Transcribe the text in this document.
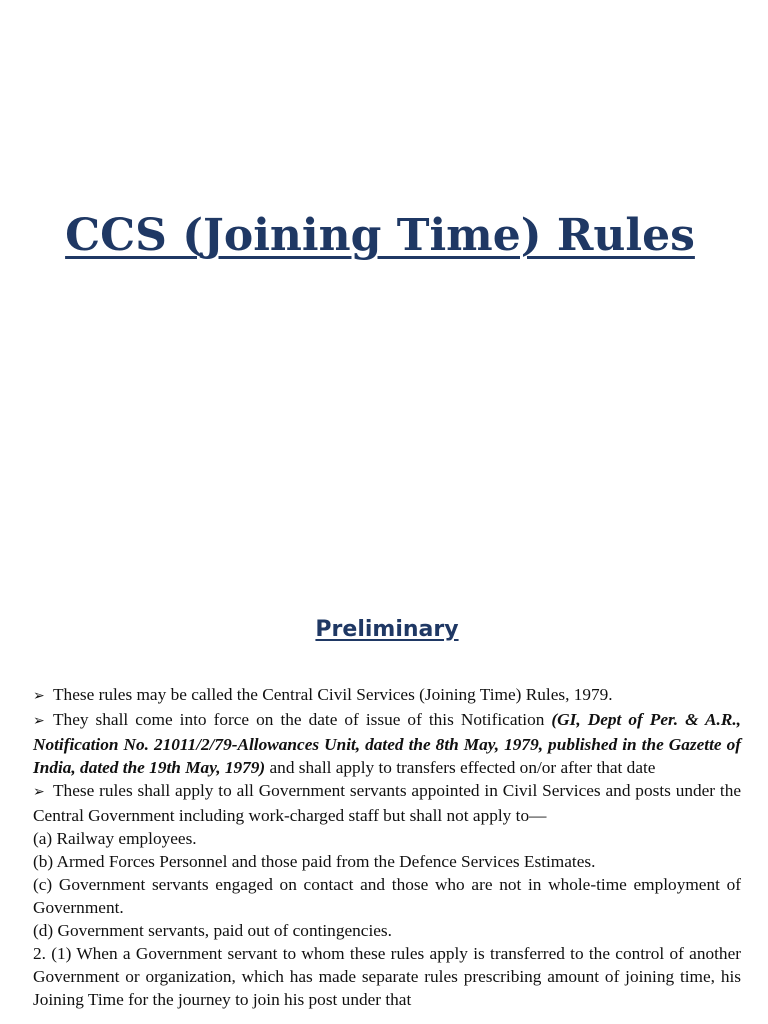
CCS (Joining Time) Rules
Preliminary

➢ These rules may be called the Central Civil Services (Joining Time) Rules, 1979.

➢ They shall come into force on the date of issue of this Notification (GI, Dept of Per. & A.R., Notification No. 21011/2/79-Allowances Unit, dated the 8th May, 1979, published in the Gazette of India, dated the 19th May, 1979) and shall apply to transfers effected on/or after that date

➢ These rules shall apply to all Government servants appointed in Civil Services and posts under the Central Government including work-charged staff but shall not apply to—

(a) Railway employees.

(b) Armed Forces Personnel and those paid from the Defence Services Estimates.

(c) Government servants engaged on contact and those who are not in whole-time employment of Government.

(d) Government servants, paid out of contingencies.

2. (1) When a Government servant to whom these rules apply is transferred to the control of another Government or organization, which has made separate rules prescribing amount of joining time, his Joining Time for the journey to join his post under that
